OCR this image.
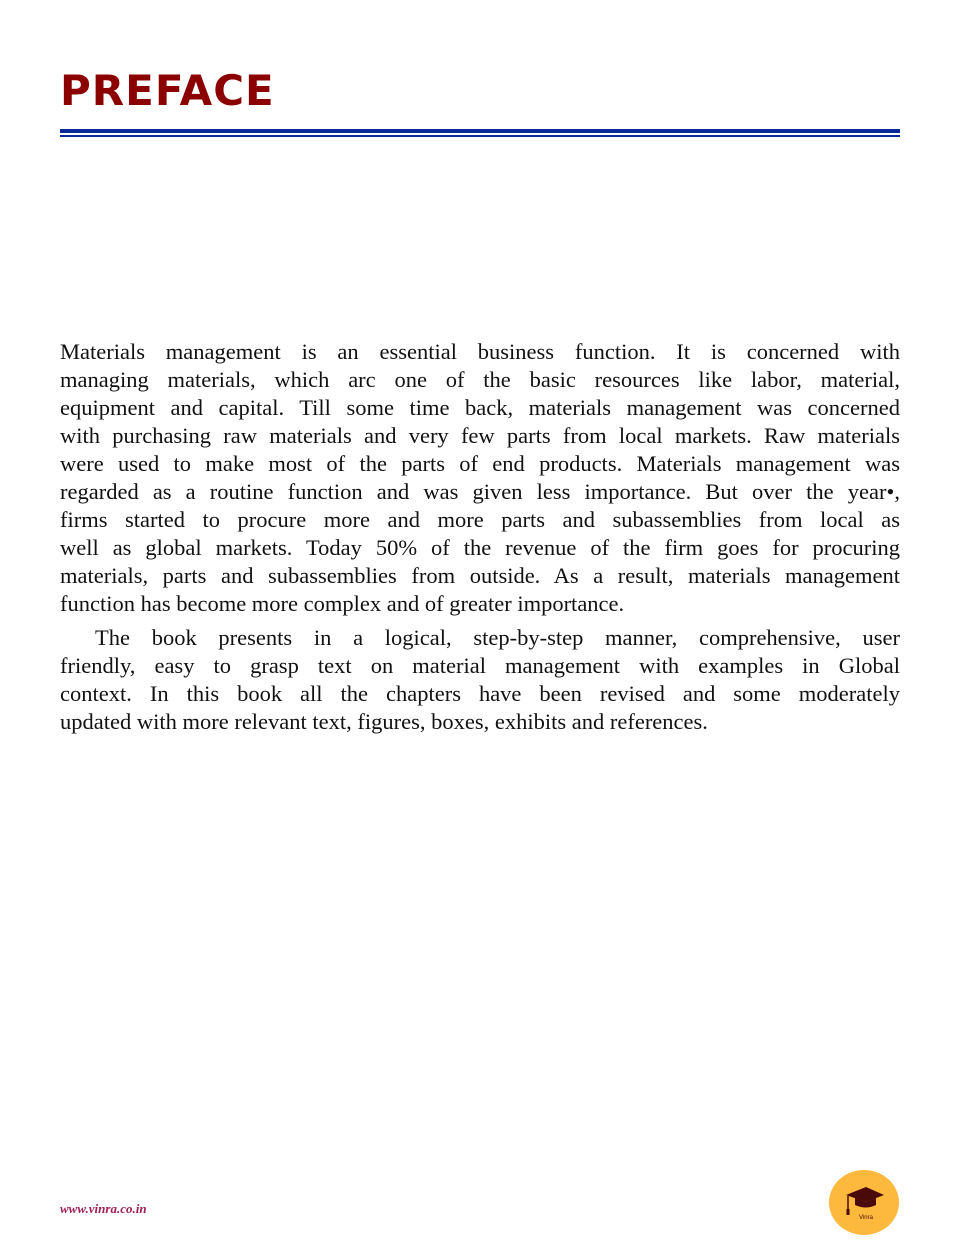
PREFACE
Materials management is an essential business function. It is concerned with
managing materials, which arc one of the basic resources like labor, material,
equipment and capital. Till some time back, materials management was concerned
with purchasing raw materials and very few parts from local markets. Raw materials
were used to make most of the parts of end products. Materials management was
regarded as a routine function and was given less importance. But over the year•,
firms started to procure more and more parts and subassemblies from local as
well as global markets. Today 50% of the revenue of the firm goes for procuring
materials, parts and subassemblies from outside. As a result, materials management
function has become more complex and of greater importance.
The book presents in a logical, step-by-step manner, comprehensive, user
friendly, easy to grasp text on material management with examples in Global
context. In this book all the chapters have been revised and some moderately
updated with more relevant text, figures, boxes, exhibits and references.
www.vinra.co.in
Vinra
